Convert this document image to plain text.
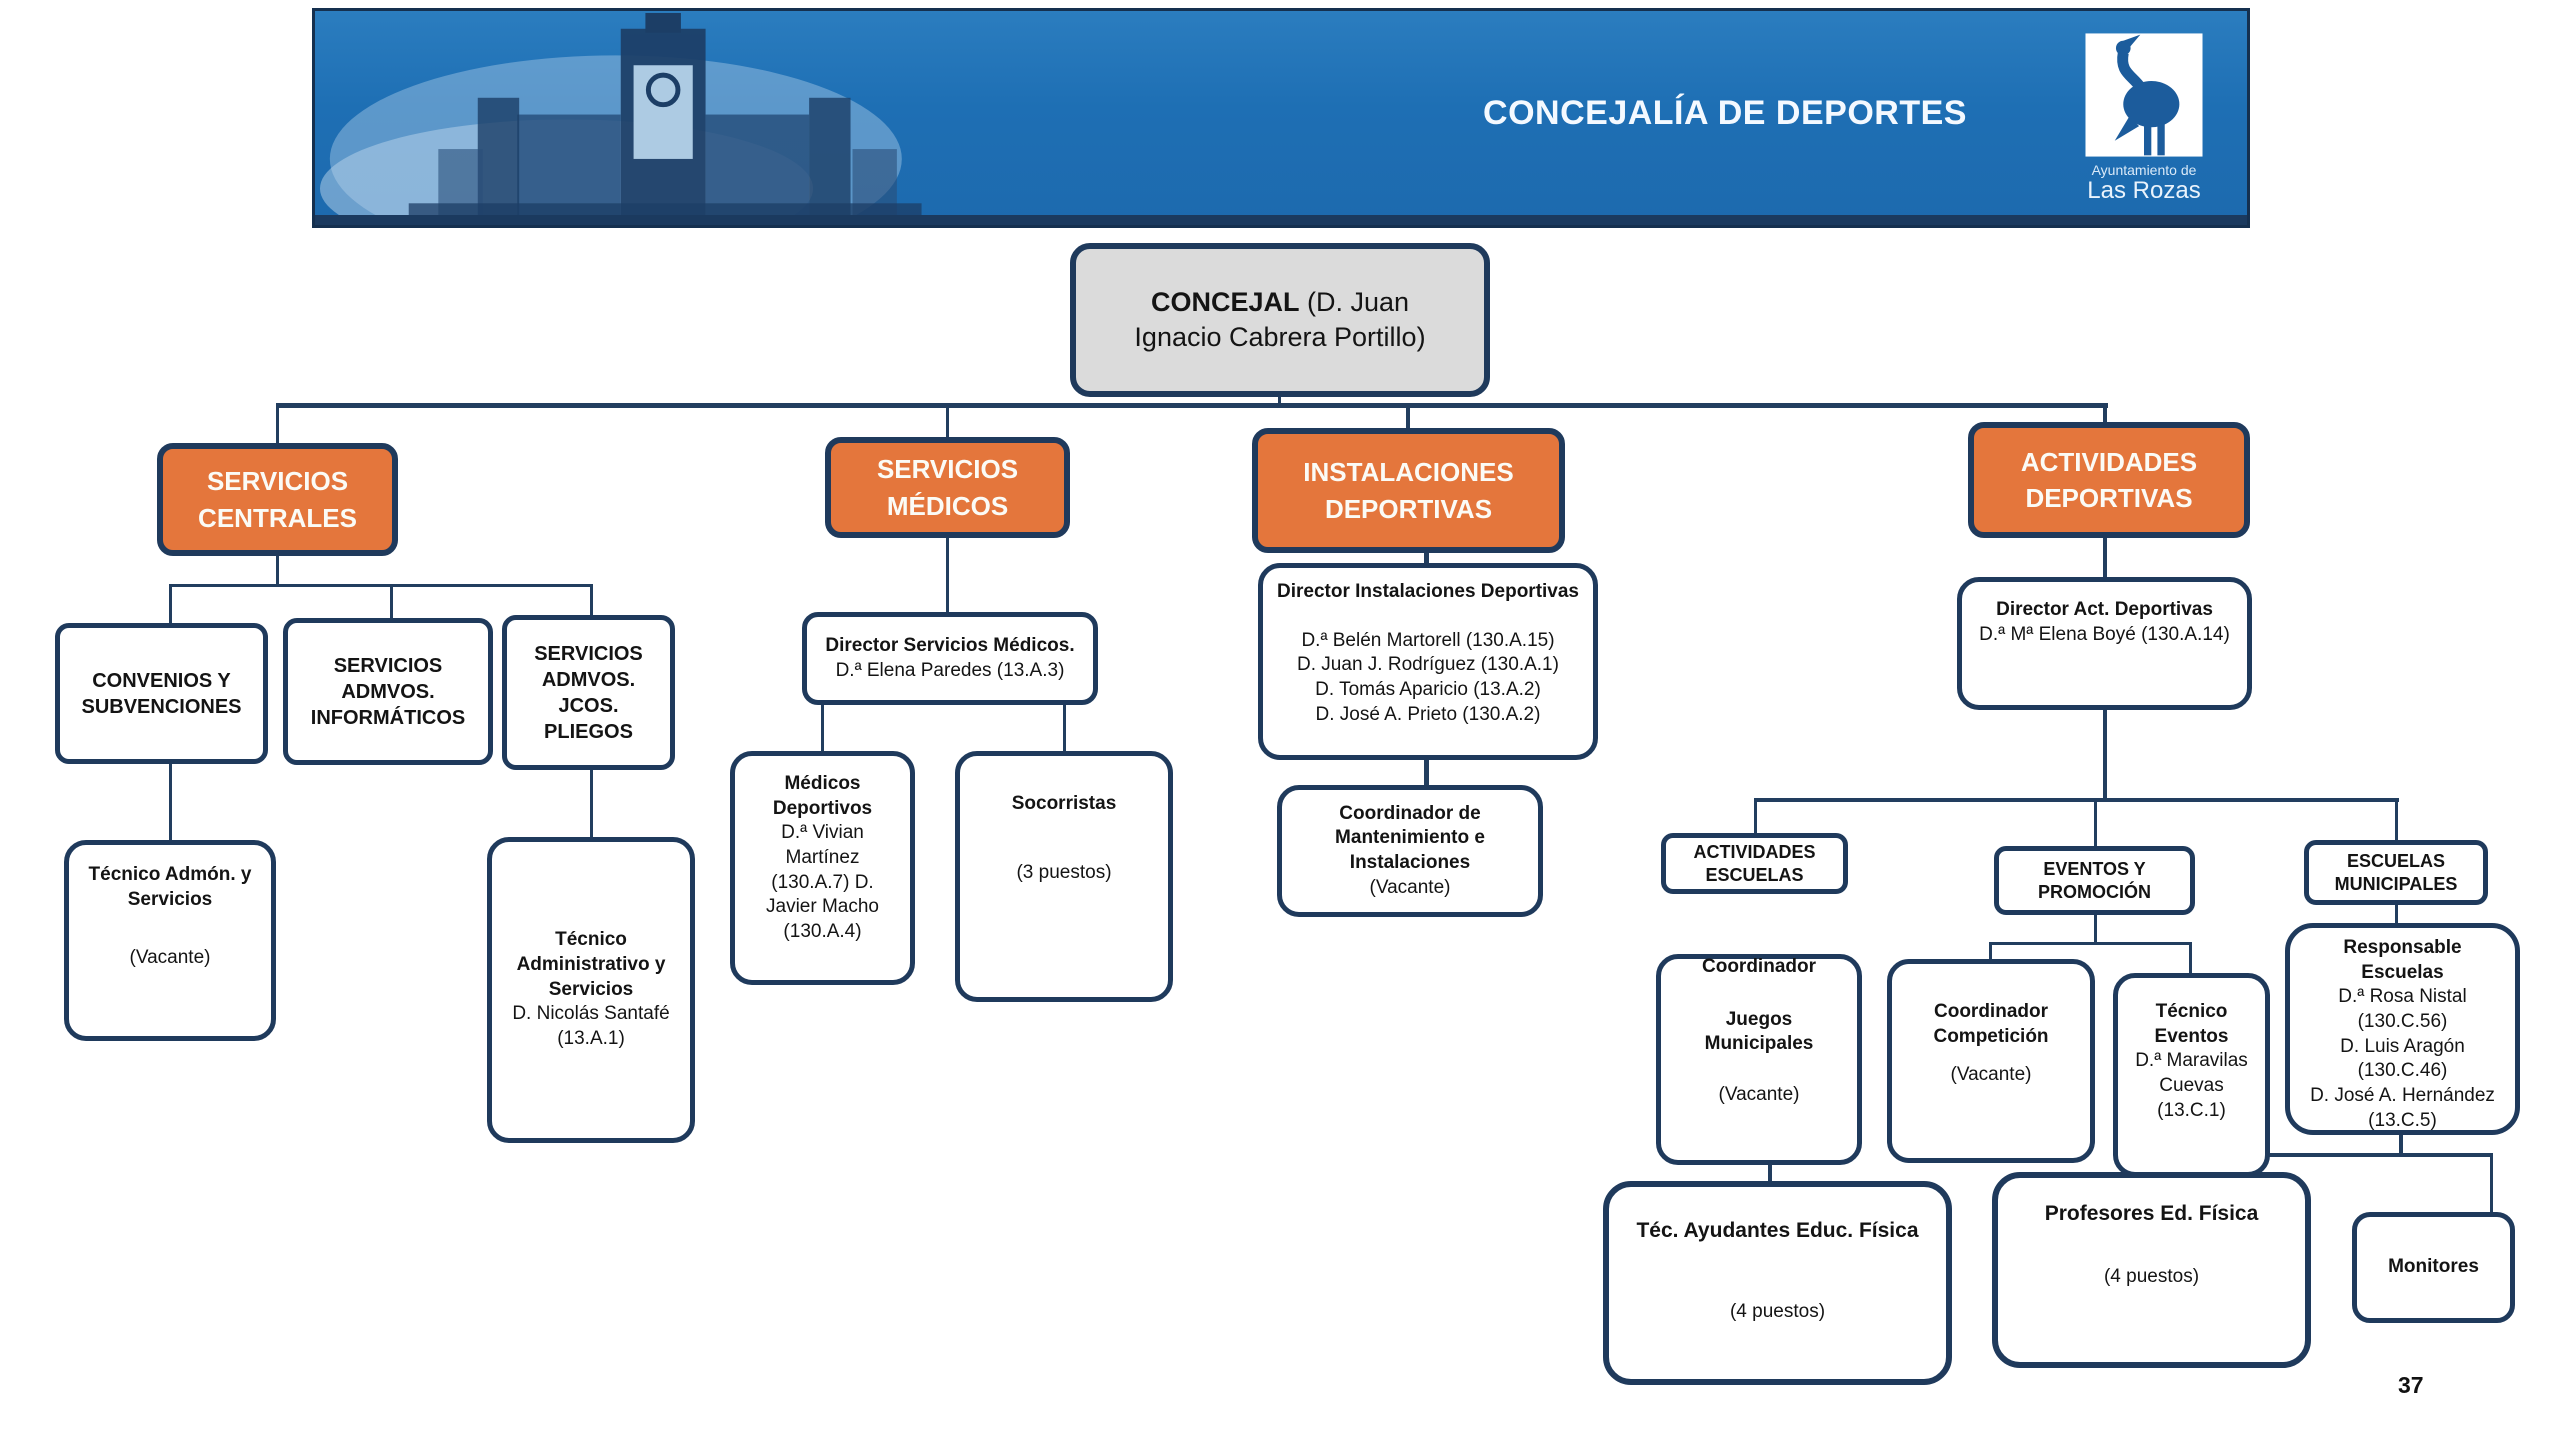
CONCEJALÍA DE DEPORTES
Ayuntamiento de
Las Rozas
CONCEJAL (D. Juan Ignacio Cabrera Portillo)
SERVICIOS CENTRALES
SERVICIOS MÉDICOS
INSTALACIONES DEPORTIVAS
ACTIVIDADES DEPORTIVAS
CONVENIOS Y SUBVENCIONES
SERVICIOS ADMVOS. INFORMÁTICOS
SERVICIOS ADMVOS. JCOS. PLIEGOS
Técnico Admón. y Servicios
(Vacante)
Técnico Administrativo y Servicios
D. Nicolás Santafé (13.A.1)
Director Servicios Médicos. D.ª Elena Paredes (13.A.3)
Médicos Deportivos
D.ª Vivian Martínez (130.A.7) D. Javier Macho (130.A.4)
Socorristas
(3 puestos)
Director Instalaciones Deportivas
D.ª Belén Martorell (130.A.15)
D. Juan J. Rodríguez (130.A.1)
D. Tomás Aparicio (13.A.2)
D. José A. Prieto (130.A.2)
Coordinador de Mantenimiento e Instalaciones
(Vacante)
Director Act. Deportivas
D.ª Mª Elena Boyé (130.A.14)
ACTIVIDADES ESCUELAS	EVENTOS Y PROMOCIÓN
ESCUELAS MUNICIPALES
Coordinador
Juegos Municipales
(Vacante)
Coordinador Competición
(Vacante)
Técnico Eventos
D.ª Maravilas Cuevas (13.C.1)
Responsable Escuelas
D.ª Rosa Nistal (130.C.56)
D. Luis Aragón (130.C.46)
D. José A. Hernández (13.C.5)
Téc. Ayudantes Educ. Física
(4 puestos)
Profesores Ed. Física
(4 puestos)	Monitores
37
